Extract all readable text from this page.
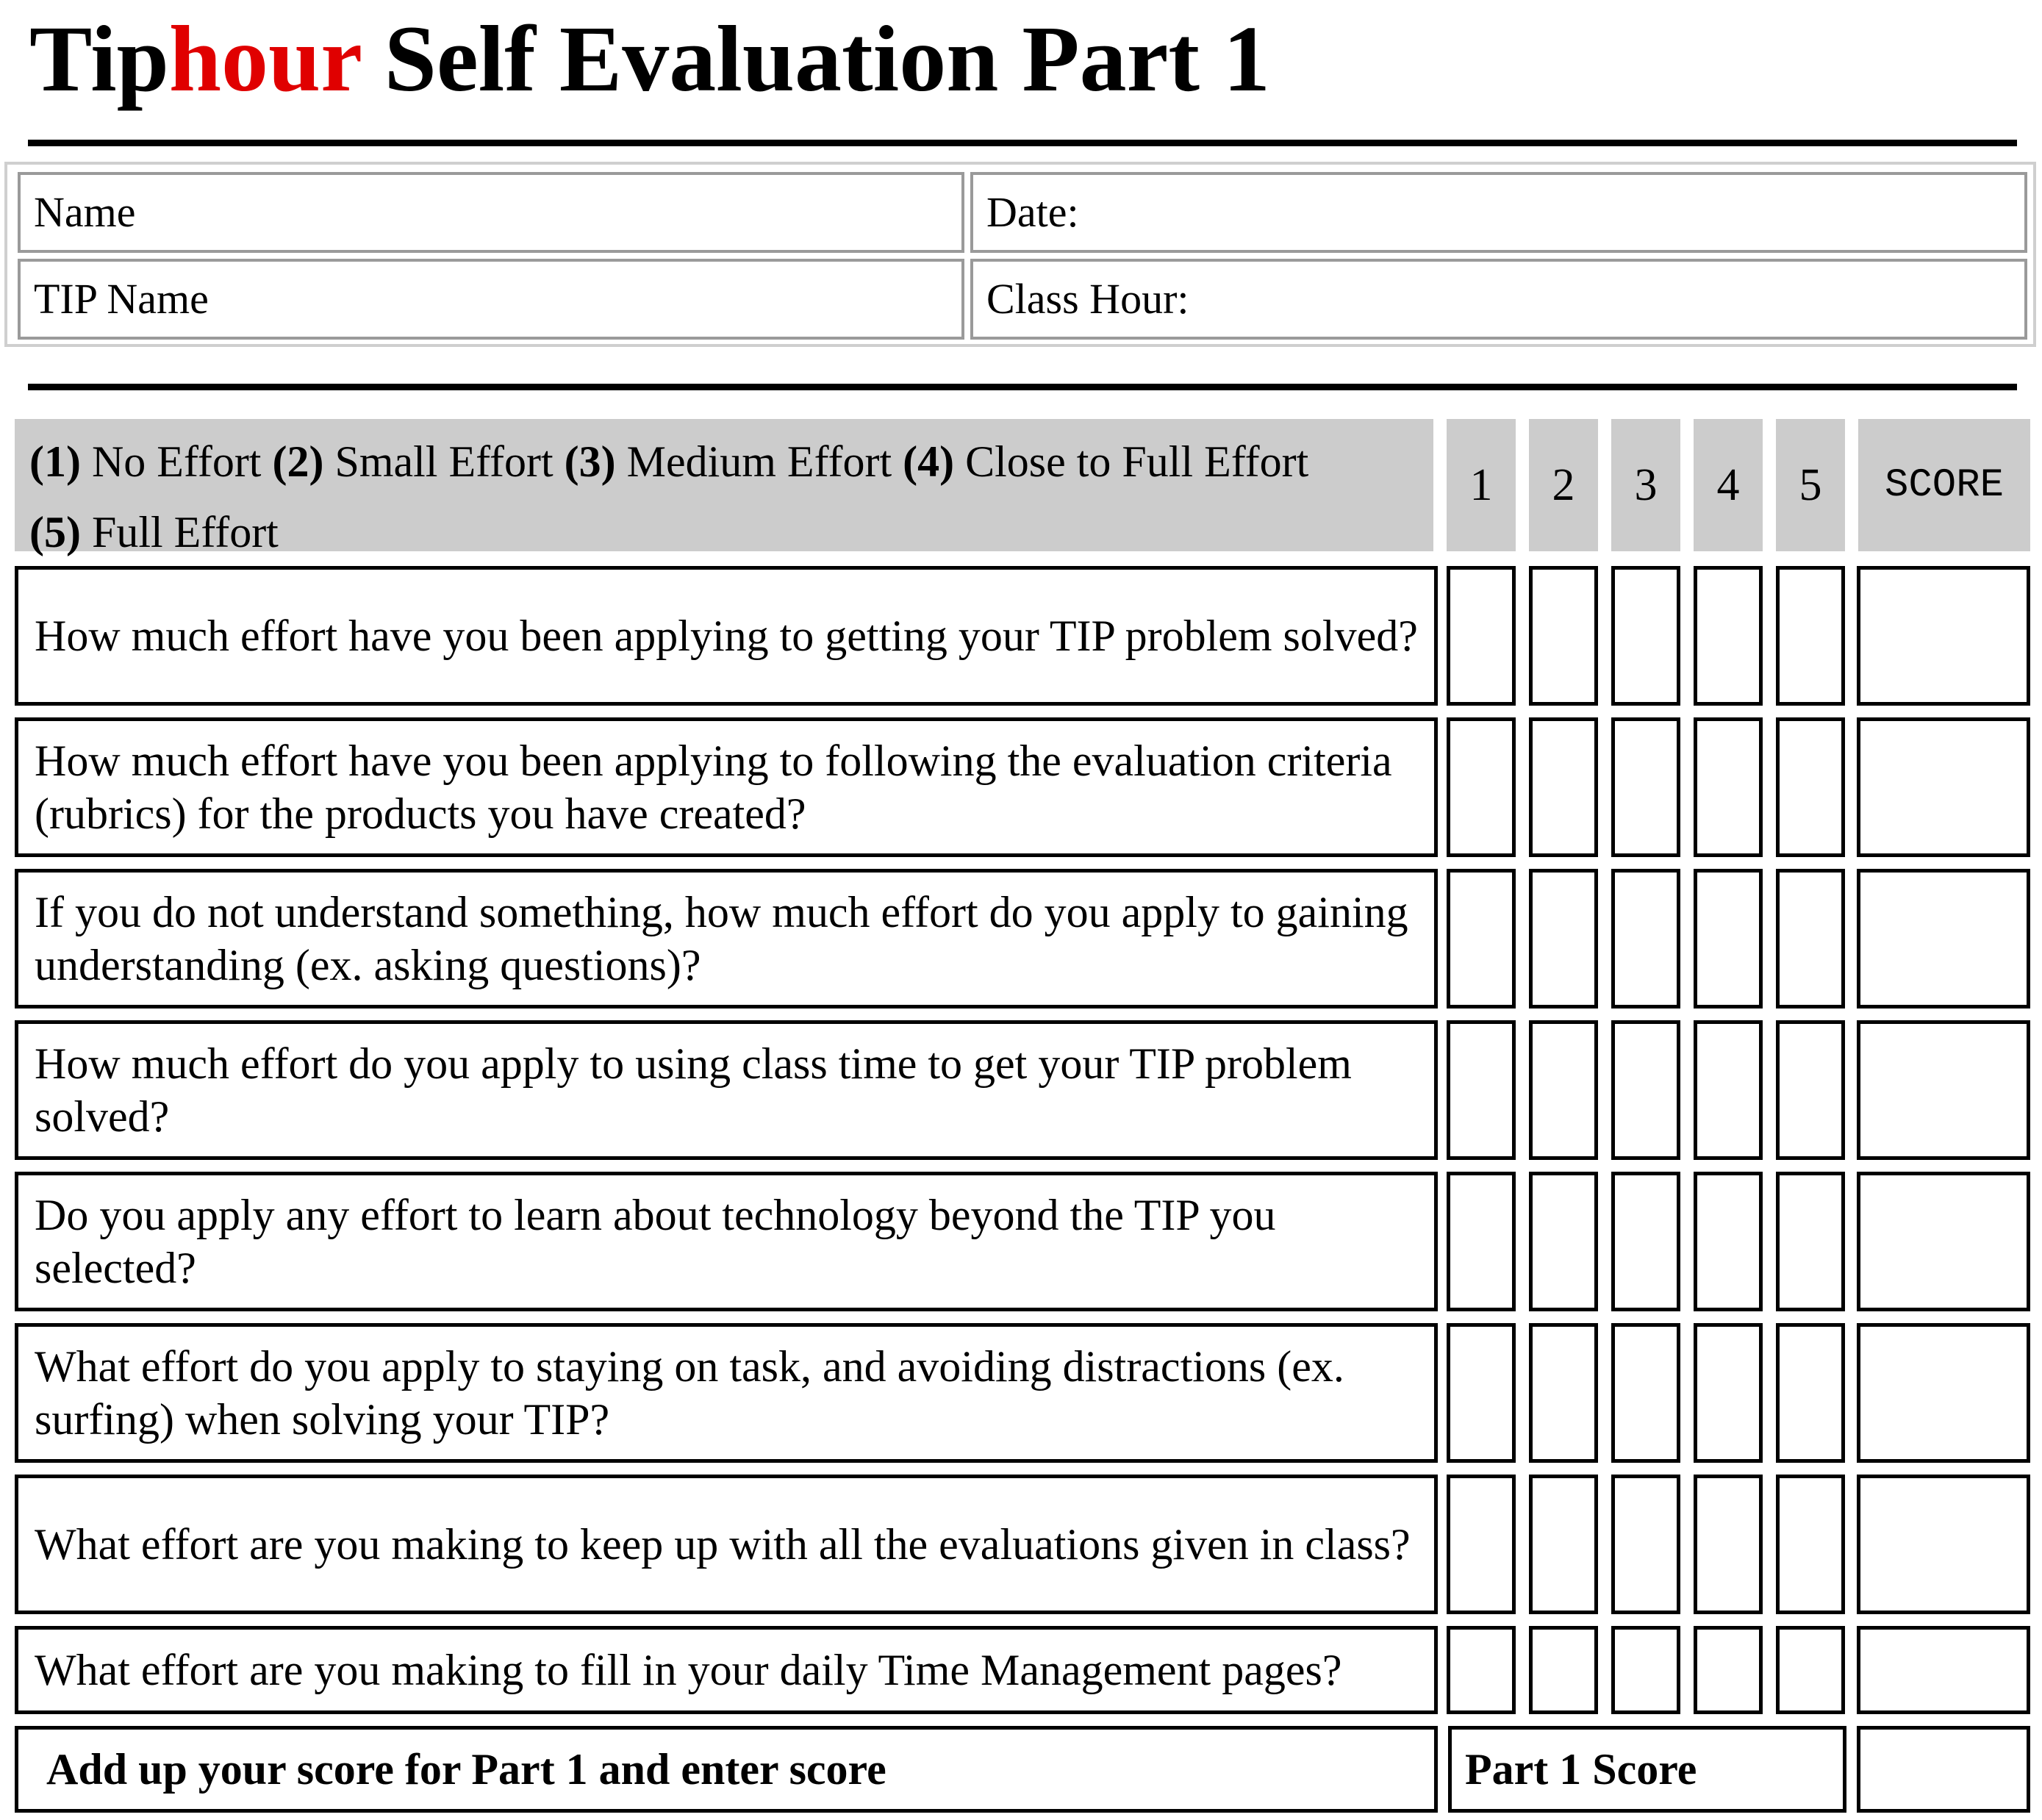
Tiphour Self Evaluation Part 1
Name	Date:
TIP Name	Class Hour:
(1) No Effort (2) Small Effort (3) Medium Effort (4) Close to Full Effort
(5) Full Effort
1	2	3	4	5	SCORE
How much effort have you been applying to getting your TIP problem solved?
How much effort have you been applying to following the evaluation criteria (rubrics) for the products you have created?
If you do not understand something, how much effort do you apply to gaining understanding (ex. asking questions)?
How much effort do you apply to using class time to get your TIP problem solved?
Do you apply any effort to learn about technology beyond the TIP you selected?
What effort do you apply to staying on task, and avoiding distractions (ex. surfing) when solving your TIP?
What effort are you making to keep up with all the evaluations given in class?
What effort are you making to fill in your daily Time Management pages?
Add up your score for Part 1 and enter score	Part 1 Score
